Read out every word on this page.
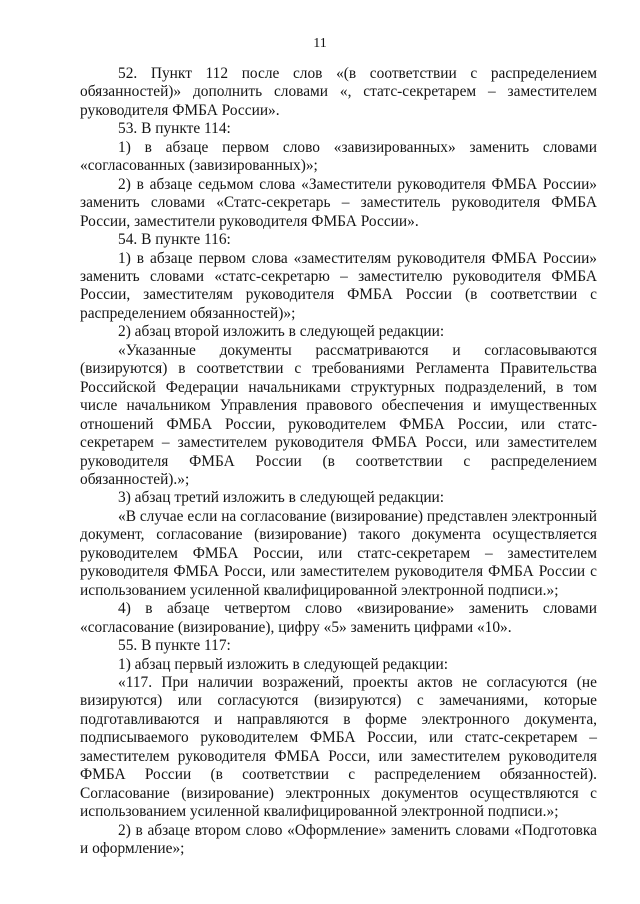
11

52. Пункт 112 после слов «(в соответствии с распределением обязанностей)» дополнить словами «, статс-секретарем – заместителем руководителя ФМБА России».

53. В пункте 114:

1) в абзаце первом слово «завизированных» заменить словами «согласованных (завизированных)»;

2) в абзаце седьмом слова «Заместители руководителя ФМБА России» заменить словами «Статс-секретарь – заместитель руководителя ФМБА России, заместители руководителя ФМБА России».

54. В пункте 116:

1) в абзаце первом слова «заместителям руководителя ФМБА России» заменить словами «статс-секретарю – заместителю руководителя ФМБА России, заместителям руководителя ФМБА России (в соответствии с распределением обязанностей)»;

2) абзац второй изложить в следующей редакции:

«Указанные документы рассматриваются и согласовываются (визируются) в соответствии с требованиями Регламента Правительства Российской Федерации начальниками структурных подразделений, в том числе начальником Управления правового обеспечения и имущественных отношений ФМБА России, руководителем ФМБА России, или статс-секретарем – заместителем руководителя ФМБА Росси, или заместителем руководителя ФМБА России (в соответствии с распределением обязанностей).»;

3) абзац третий изложить в следующей редакции:

«В случае если на согласование (визирование) представлен электронный документ, согласование (визирование) такого документа осуществляется руководителем ФМБА России, или статс-секретарем – заместителем руководителя ФМБА Росси, или заместителем руководителя ФМБА России с использованием усиленной квалифицированной электронной подписи.»;

4) в абзаце четвертом слово «визирование» заменить словами «согласование (визирование), цифру «5» заменить цифрами «10».

55. В пункте 117:

1) абзац первый изложить в следующей редакции:

«117. При наличии возражений, проекты актов не согласуются (не визируются) или согласуются (визируются) с замечаниями, которые подготавливаются и направляются в форме электронного документа, подписываемого руководителем ФМБА России, или статс-секретарем – заместителем руководителя ФМБА Росси, или заместителем руководителя ФМБА России (в соответствии с распределением обязанностей). Согласование (визирование) электронных документов осуществляются с использованием усиленной квалифицированной электронной подписи.»;

2) в абзаце втором слово «Оформление» заменить словами «Подготовка и оформление»;
